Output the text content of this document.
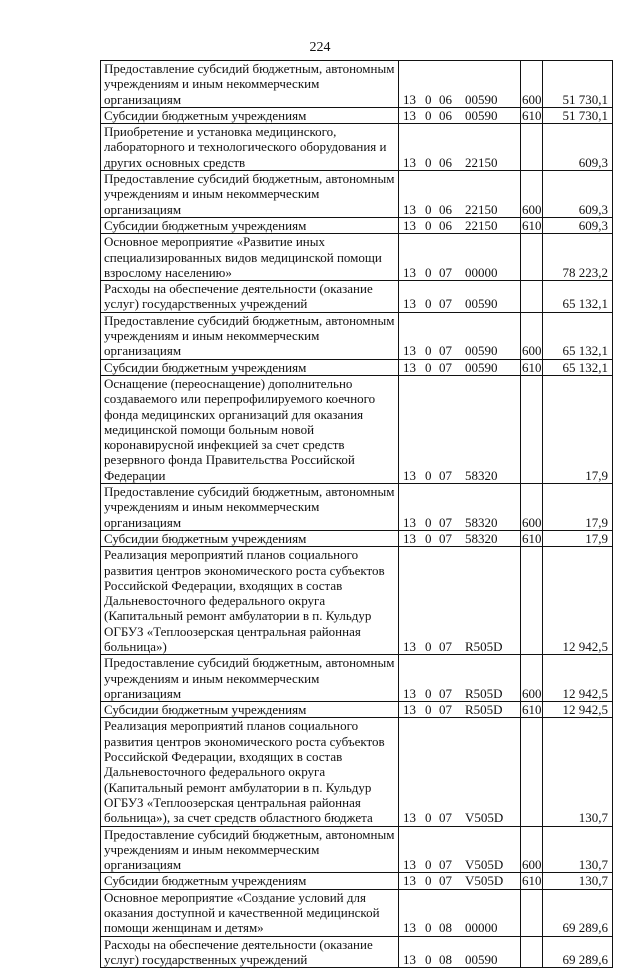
224
Предоставление субсидий бюджетным, автономным учреждениям и иным некоммерческим организациям	13 0 06 00590	600	51 730,1
Субсидии бюджетным учреждениям	13 0 06 00590	610	51 730,1
Приобретение и установка медицинского, лабораторного и технологического оборудования и других основных средств	13 0 06 22150		609,3
Предоставление субсидий бюджетным, автономным учреждениям и иным некоммерческим организациям	13 0 06 22150	600	609,3
Субсидии бюджетным учреждениям	13 0 06 22150	610	609,3
Основное мероприятие «Развитие иных специализированных видов медицинской помощи взрослому населению»	13 0 07 00000		78 223,2
Расходы на обеспечение деятельности (оказание услуг) государственных учреждений	13 0 07 00590		65 132,1
Предоставление субсидий бюджетным, автономным учреждениям и иным некоммерческим организациям	13 0 07 00590	600	65 132,1
Субсидии бюджетным учреждениям	13 0 07 00590	610	65 132,1
Оснащение (переоснащение) дополнительно создаваемого или перепрофилируемого коечного фонда медицинских организаций для оказания медицинской помощи больным новой коронавирусной инфекцией за счет средств резервного фонда Правительства Российской Федерации	13 0 07 58320		17,9
Предоставление субсидий бюджетным, автономным учреждениям и иным некоммерческим организациям	13 0 07 58320	600	17,9
Субсидии бюджетным учреждениям	13 0 07 58320	610	17,9
Реализация мероприятий планов социального развития центров экономического роста субъектов Российской Федерации, входящих в состав Дальневосточного федерального округа (Капитальный ремонт амбулатории в п. Кульдур ОГБУЗ «Теплоозерская центральная районная больница»)	13 0 07 R505D		12 942,5
Предоставление субсидий бюджетным, автономным учреждениям и иным некоммерческим организациям	13 0 07 R505D	600	12 942,5
Субсидии бюджетным учреждениям	13 0 07 R505D	610	12 942,5
Реализация мероприятий планов социального развития центров экономического роста субъектов Российской Федерации, входящих в состав Дальневосточного федерального округа (Капитальный ремонт амбулатории в п. Кульдур ОГБУЗ «Теплоозерская центральная районная больница»), за счет средств областного бюджета	13 0 07 V505D		130,7
Предоставление субсидий бюджетным, автономным учреждениям и иным некоммерческим организациям	13 0 07 V505D	600	130,7
Субсидии бюджетным учреждениям	13 0 07 V505D	610	130,7
Основное мероприятие «Создание условий для оказания доступной и качественной медицинской помощи женщинам и детям»	13 0 08 00000		69 289,6
Расходы на обеспечение деятельности (оказание услуг) государственных учреждений	13 0 08 00590		69 289,6
